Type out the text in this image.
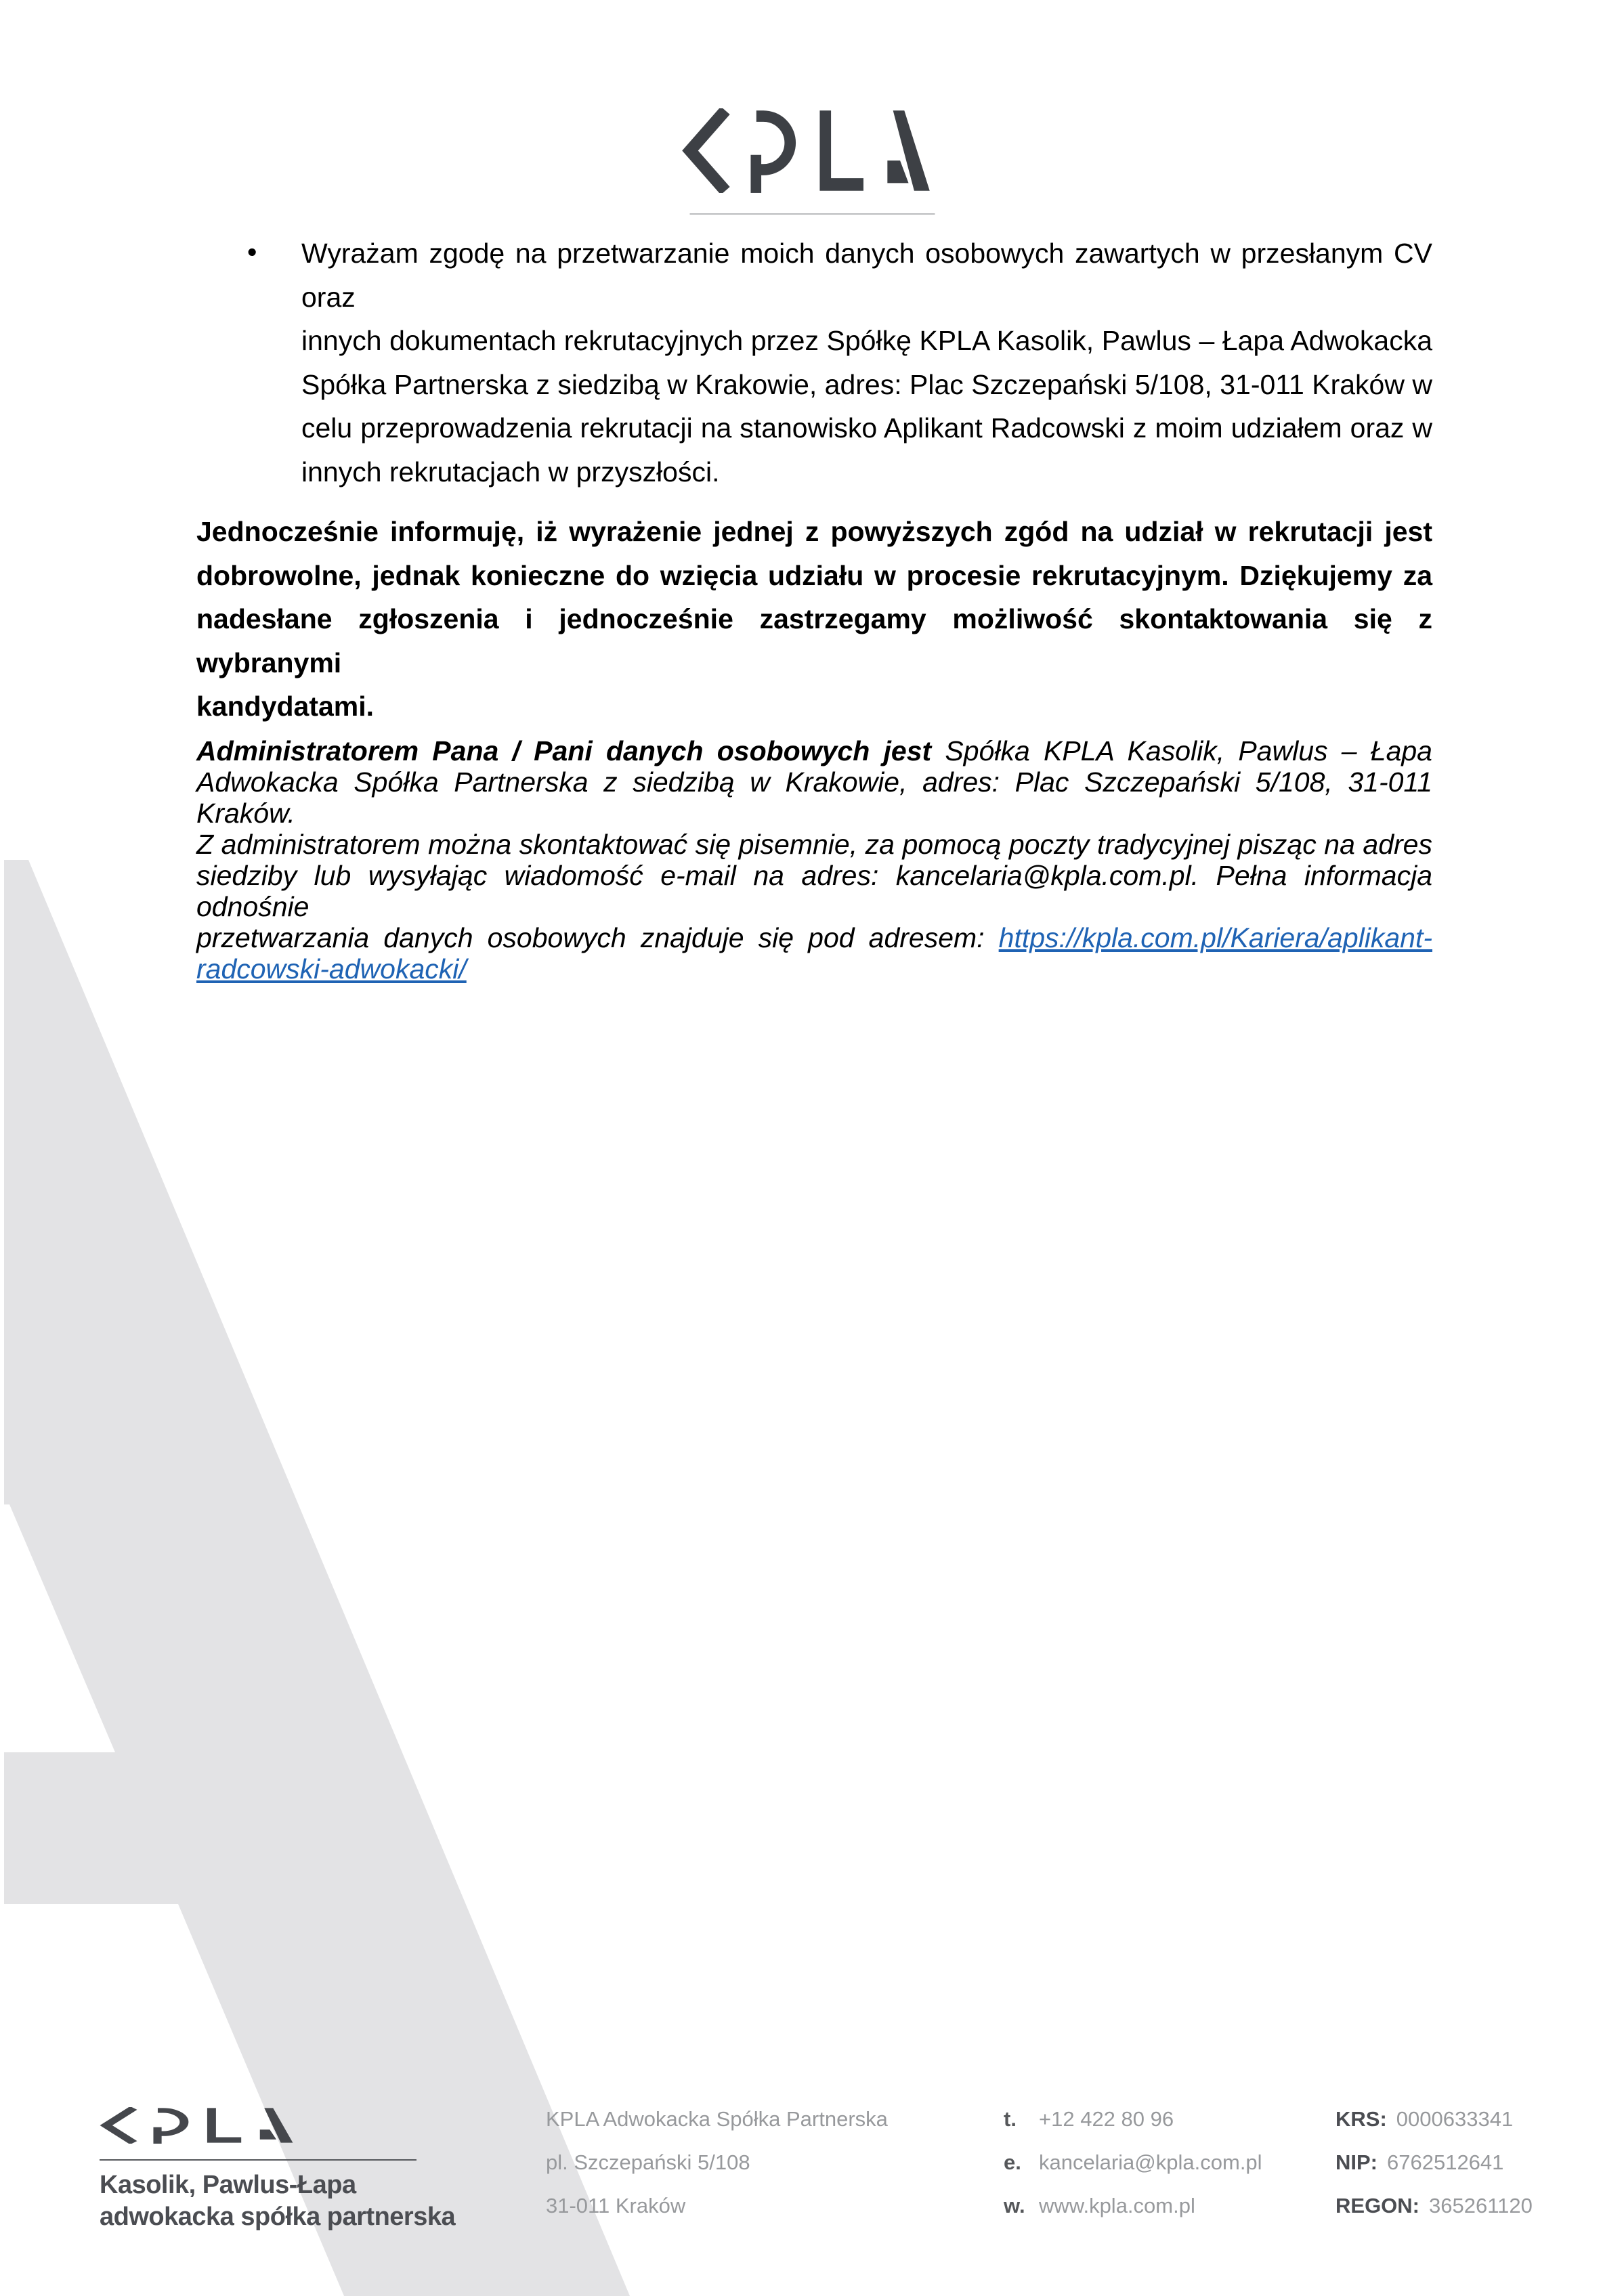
• Wyrażam zgodę na przetwarzanie moich danych osobowych zawartych w przesłanym CV oraz
innych dokumentach rekrutacyjnych przez Spółkę KPLA Kasolik, Pawlus – Łapa Adwokacka
Spółka Partnerska z siedzibą w Krakowie, adres: Plac Szczepański 5/108, 31-011 Kraków w
celu przeprowadzenia rekrutacji na stanowisko Aplikant Radcowski z moim udziałem oraz w
innych rekrutacjach w przyszłości.
Jednocześnie informuję, iż wyrażenie jednej z powyższych zgód na udział w rekrutacji jest
dobrowolne, jednak konieczne do wzięcia udziału w procesie rekrutacyjnym. Dziękujemy za
nadesłane zgłoszenia i jednocześnie zastrzegamy możliwość skontaktowania się z wybranymi
kandydatami.
Administratorem Pana / Pani danych osobowych jest Spółka KPLA Kasolik, Pawlus – Łapa
Adwokacka Spółka Partnerska z siedzibą w Krakowie, adres: Plac Szczepański 5/108, 31-011 Kraków.
Z administratorem można skontaktować się pisemnie, za pomocą poczty tradycyjnej pisząc na adres
siedziby lub wysyłając wiadomość e-mail na adres: kancelaria@kpla.com.pl. Pełna informacja odnośnie
przetwarzania danych osobowych znajduje się pod adresem: https://kpla.com.pl/Kariera/aplikant-
radcowski-adwokacki/
Kasolik, Pawlus-Łapa
adwokacka spółka partnerska
KPLA Adwokacka Spółka Partnerska
pl. Szczepański 5/108
31-011 Kraków
t. +12 422 80 96
e. kancelaria@kpla.com.pl
w. www.kpla.com.pl
KRS: 0000633341
NIP: 6762512641
REGON: 365261120
